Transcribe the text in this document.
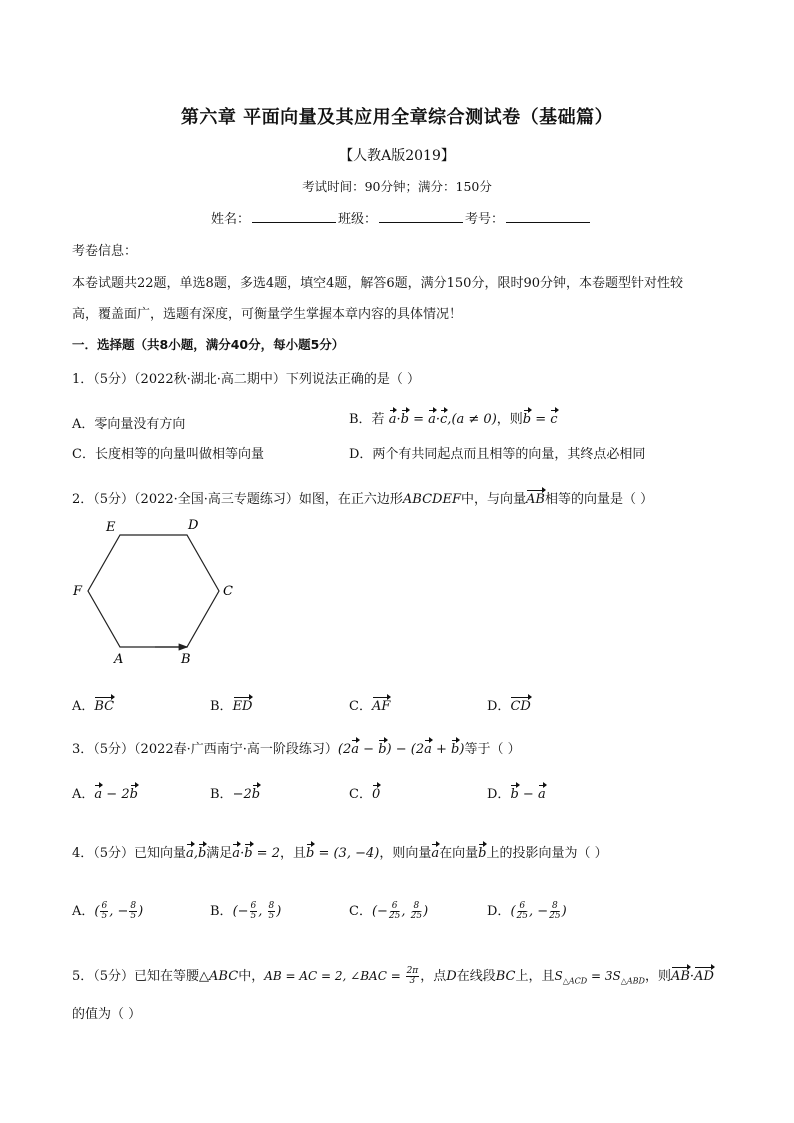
第六章 平面向量及其应用全章综合测试卷（基础篇）
【人教A版2019】
考试时间：90分钟；满分：150分
姓名：	班级：	考号：
考卷信息：
本卷试题共22题，单选8题，多选4题，填空4题，解答6题，满分150分，限时90分钟，本卷题型针对性较
高，覆盖面广，选题有深度，可衡量学生掌握本章内容的具体情况！
一．选择题（共8小题，满分40分，每小题5分）
1．（5分）（2022秋·湖北·高二期中）下列说法正确的是（ ）
A．零向量没有方向	B．若 a·b = a·c,(a ≠ 0)，则b = c
C．长度相等的向量叫做相等向量	D．两个有共同起点而且相等的向量，其终点必相同
2．（5分）（2022·全国·高三专题练习）如图，在正六边形ABCDEF中，与向量AB相等的向量是（ ）
E	D
C
F
A	B
A．BC	B．ED	C．AF	D．CD
3．（5分）（2022春·广西南宁·高一阶段练习）(2a − b) − (2a + b)等于（ ）
A．a − 2b	B．−2b	C．0	D．b − a
4．（5分）已知向量a,b满足a·b = 2，且b = (3, −4)，则向量a在向量b上的投影向量为（ ）
A．( $\frac{6}{5}$ , − $\frac{8}{5}$ )	B．(− $\frac{6}{5}$ , $\frac{8}{5}$ )	C．(− $\frac{6}{25}$ , $\frac{8}{25}$ )	D．( $\frac{6}{25}$ , − $\frac{8}{25}$ )
5．（5分）已知在等腰△ABC中，AB = AC = 2, ∠BAC = $\frac{2\pi}{3}$ ，点D在线段BC上，且$S_{\triangle ACD} = 3S_{\triangle ABD}$，则AB·AD
的值为（ ）
